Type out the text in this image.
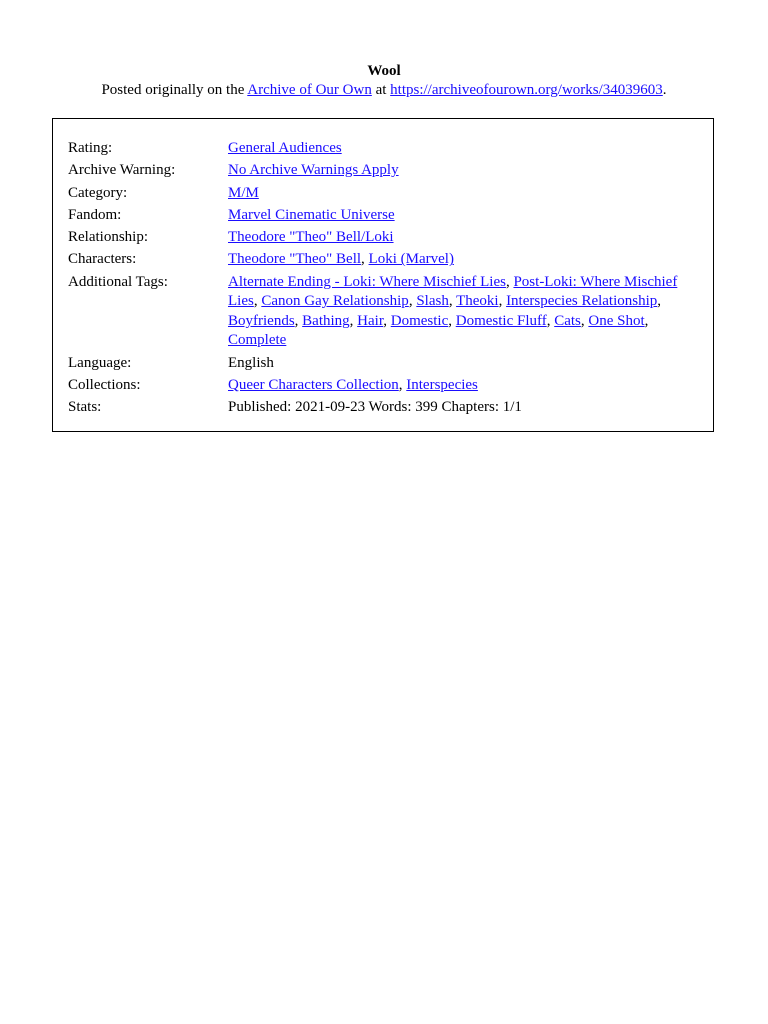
Wool
Posted originally on the Archive of Our Own at https://archiveofourown.org/works/34039603.
Rating:	General Audiences
Archive Warning:	No Archive Warnings Apply
Category:	M/M
Fandom:	Marvel Cinematic Universe
Relationship:	Theodore "Theo" Bell/Loki
Characters:	Theodore "Theo" Bell, Loki (Marvel)
Additional Tags:	Alternate Ending - Loki: Where Mischief Lies, Post-Loki: Where Mischief Lies, Canon Gay Relationship, Slash, Theoki, Interspecies Relationship, Boyfriends, Bathing, Hair, Domestic, Domestic Fluff, Cats, One Shot, Complete
Language:	English
Collections:	Queer Characters Collection, Interspecies
Stats:	Published: 2021-09-23 Words: 399 Chapters: 1/1
